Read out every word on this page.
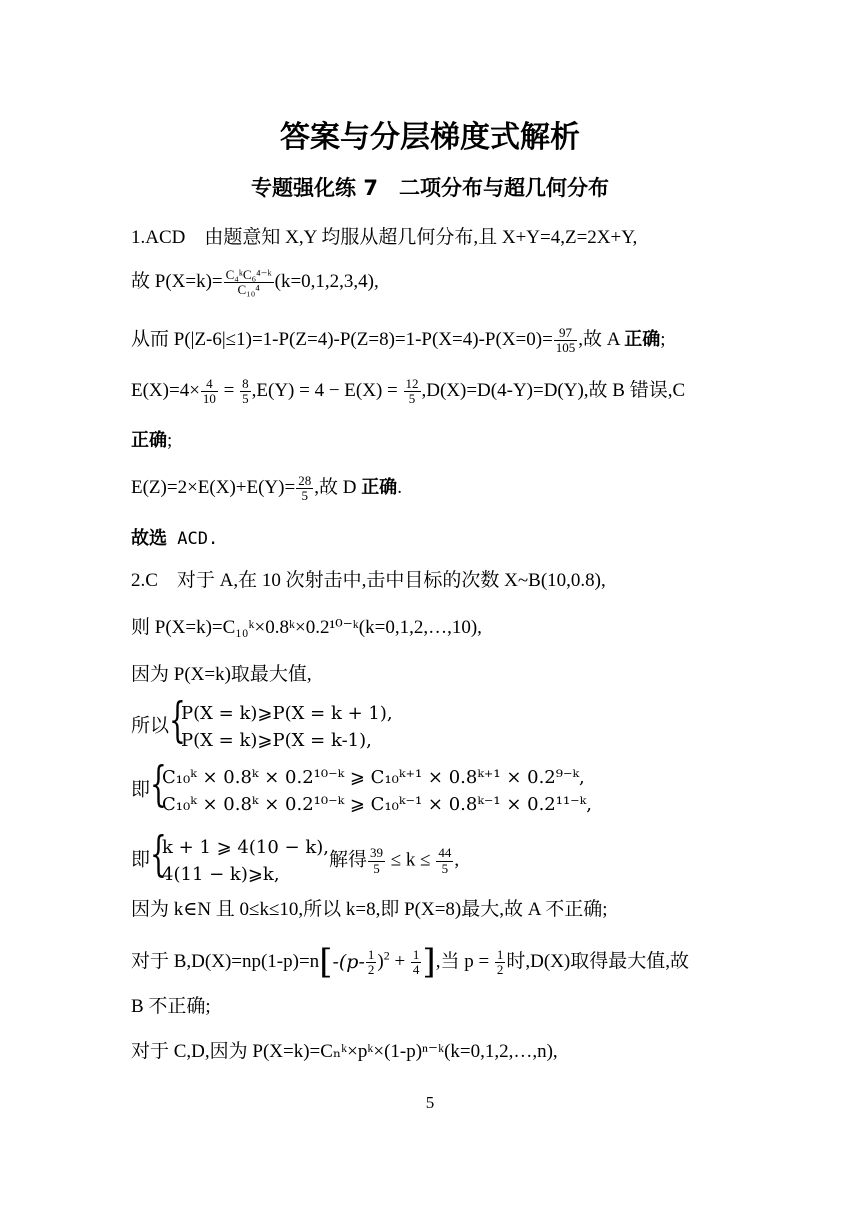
答案与分层梯度式解析
专题强化练 7　二项分布与超几何分布
1.ACD　由题意知 X,Y 均服从超几何分布,且 X+Y=4,Z=2X+Y,
故 $P(X=k)= \frac{\text{C₄ᵏC₆⁴⁻ᵏ}}{\text{C₁₀⁴}} (k=0,1,2,3,4)$,
从而 $P(|Z-6|\le 1)=1-P(Z=4)-P(Z=8)=1-P(X=4)-P(X=0)= \frac{97}{105}$ ,故 A 正确;
$E(X)=4\times \frac{4}{10} = \frac{8}{5} ,E(Y) = 4 - E(X) = \frac{12}{5} ,D(X)=D(4-Y)=D(Y)$,故 B 错误,C
正确;
$E(Z)=2\times E(X)+E(Y)= \frac{28}{5}$ ,故 D 正确.
故选 ACD.
2.C　对于 A,在 10 次射击中,击中目标的次数 X~B(10,0.8),
则 P(X=k)=C₁₀ᵏ×0.8ᵏ×0.2¹⁰⁻ᵏ(k=0,1,2,…,10),
因为 P(X=k)取最大值,
所以 {
P(X = k)⩾P(X = k + 1),
P(X = k)⩾P(X = k-1),
即 {
C₁₀ᵏ × 0.8ᵏ × 0.2¹⁰⁻ᵏ ⩾ C₁₀ᵏ⁺¹ × 0.8ᵏ⁺¹ × 0.2⁹⁻ᵏ,
C₁₀ᵏ × 0.8ᵏ × 0.2¹⁰⁻ᵏ ⩾ C₁₀ᵏ⁻¹ × 0.8ᵏ⁻¹ × 0.2¹¹⁻ᵏ,
即 {
k + 1 ⩾ 4(10 − k),
4(11 − k)⩾k,
解得 $\frac{39}{5} \le k \le \frac{44}{5}$ ,
因为 k∈N 且 0≤k≤10,所以 k=8,即 P(X=8)最大,故 A 不正确;
对于 $B,D(X)=np(1-p)=n[-(p- \frac{1}{2} )^2 + \frac{1}{4}$ ],当 $p = \frac{1}{2}$ 时,D(X)取得最大值,故
B 不正确;
对于 C,D,因为 P(X=k)=Cₙᵏ×pᵏ×(1-p)ⁿ⁻ᵏ(k=0,1,2,…,n),
5
